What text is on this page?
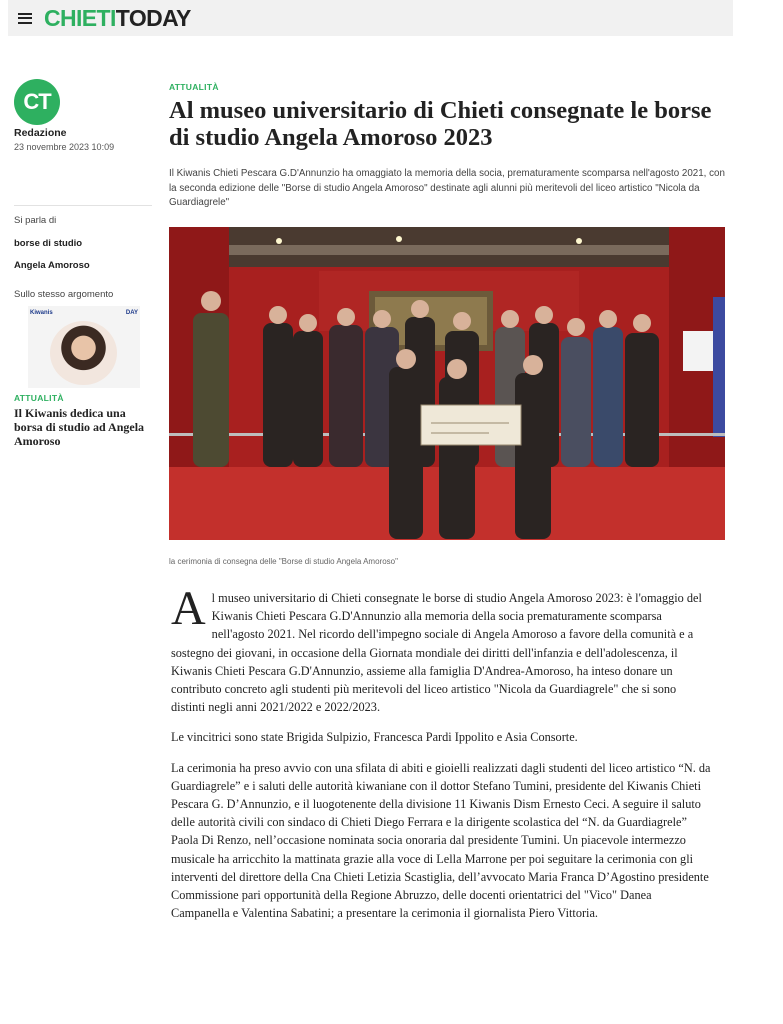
CHIETITODAY
CT
Redazione
23 novembre 2023 10:09
Si parla di
borse di studio
Angela Amoroso
Sullo stesso argomento
Kiwanis	DAY
ATTUALITÀ
Il Kiwanis dedica una borsa di studio ad Angela Amoroso
ATTUALITÀ
Al museo universitario di Chieti consegnate le borse di studio Angela Amoroso 2023
Il Kiwanis Chieti Pescara G.D'Annunzio ha omaggiato la memoria della socia, prematuramente scomparsa nell'agosto 2021, con la seconda edizione delle "Borse di studio Angela Amoroso" destinate agli alunni più meritevoli del liceo artistico "Nicola da Guardiagrele"
la cerimonia di consegna delle "Borse di studio Angela Amoroso"

Al museo universitario di Chieti consegnate le borse di studio Angela Amoroso 2023: è l'omaggio del Kiwanis Chieti Pescara G.D'Annunzio alla memoria della socia prematuramente scomparsa nell'agosto 2021. Nel ricordo dell'impegno sociale di Angela Amoroso a favore della comunità e a sostegno dei giovani, in occasione della Giornata mondiale dei diritti dell'infanzia e dell'adolescenza, il Kiwanis Chieti Pescara G.D'Annunzio, assieme alla famiglia D'Andrea-Amoroso, ha inteso donare un contributo concreto agli studenti più meritevoli del liceo artistico "Nicola da Guardiagrele" che si sono distinti negli anni 2021/2022 e 2022/2023.

Le vincitrici sono state Brigida Sulpizio, Francesca Pardi Ippolito e Asia Consorte.

La cerimonia ha preso avvio con una sfilata di abiti e gioielli realizzati dagli studenti del liceo artistico “N. da Guardiagrele” e i saluti delle autorità kiwaniane con il dottor Stefano Tumini, presidente del Kiwanis Chieti Pescara G. D’Annunzio, e il luogotenente della divisione 11 Kiwanis Dism Ernesto Ceci. A seguire il saluto delle autorità civili con sindaco di Chieti Diego Ferrara e la dirigente scolastica del “N. da Guardiagrele” Paola Di Renzo, nell’occasione nominata socia onoraria dal presidente Tumini. Un piacevole intermezzo musicale ha arricchito la mattinata grazie alla voce di Lella Marrone per poi seguitare la cerimonia con gli interventi del direttore della Cna Chieti Letizia Scastiglia, dell’avvocato Maria Franca D’Agostino presidente Commissione pari opportunità della Regione Abruzzo, delle docenti orientatrici del "Vico" Danea Campanella e Valentina Sabatini; a presentare la cerimonia il giornalista Piero Vittoria.
